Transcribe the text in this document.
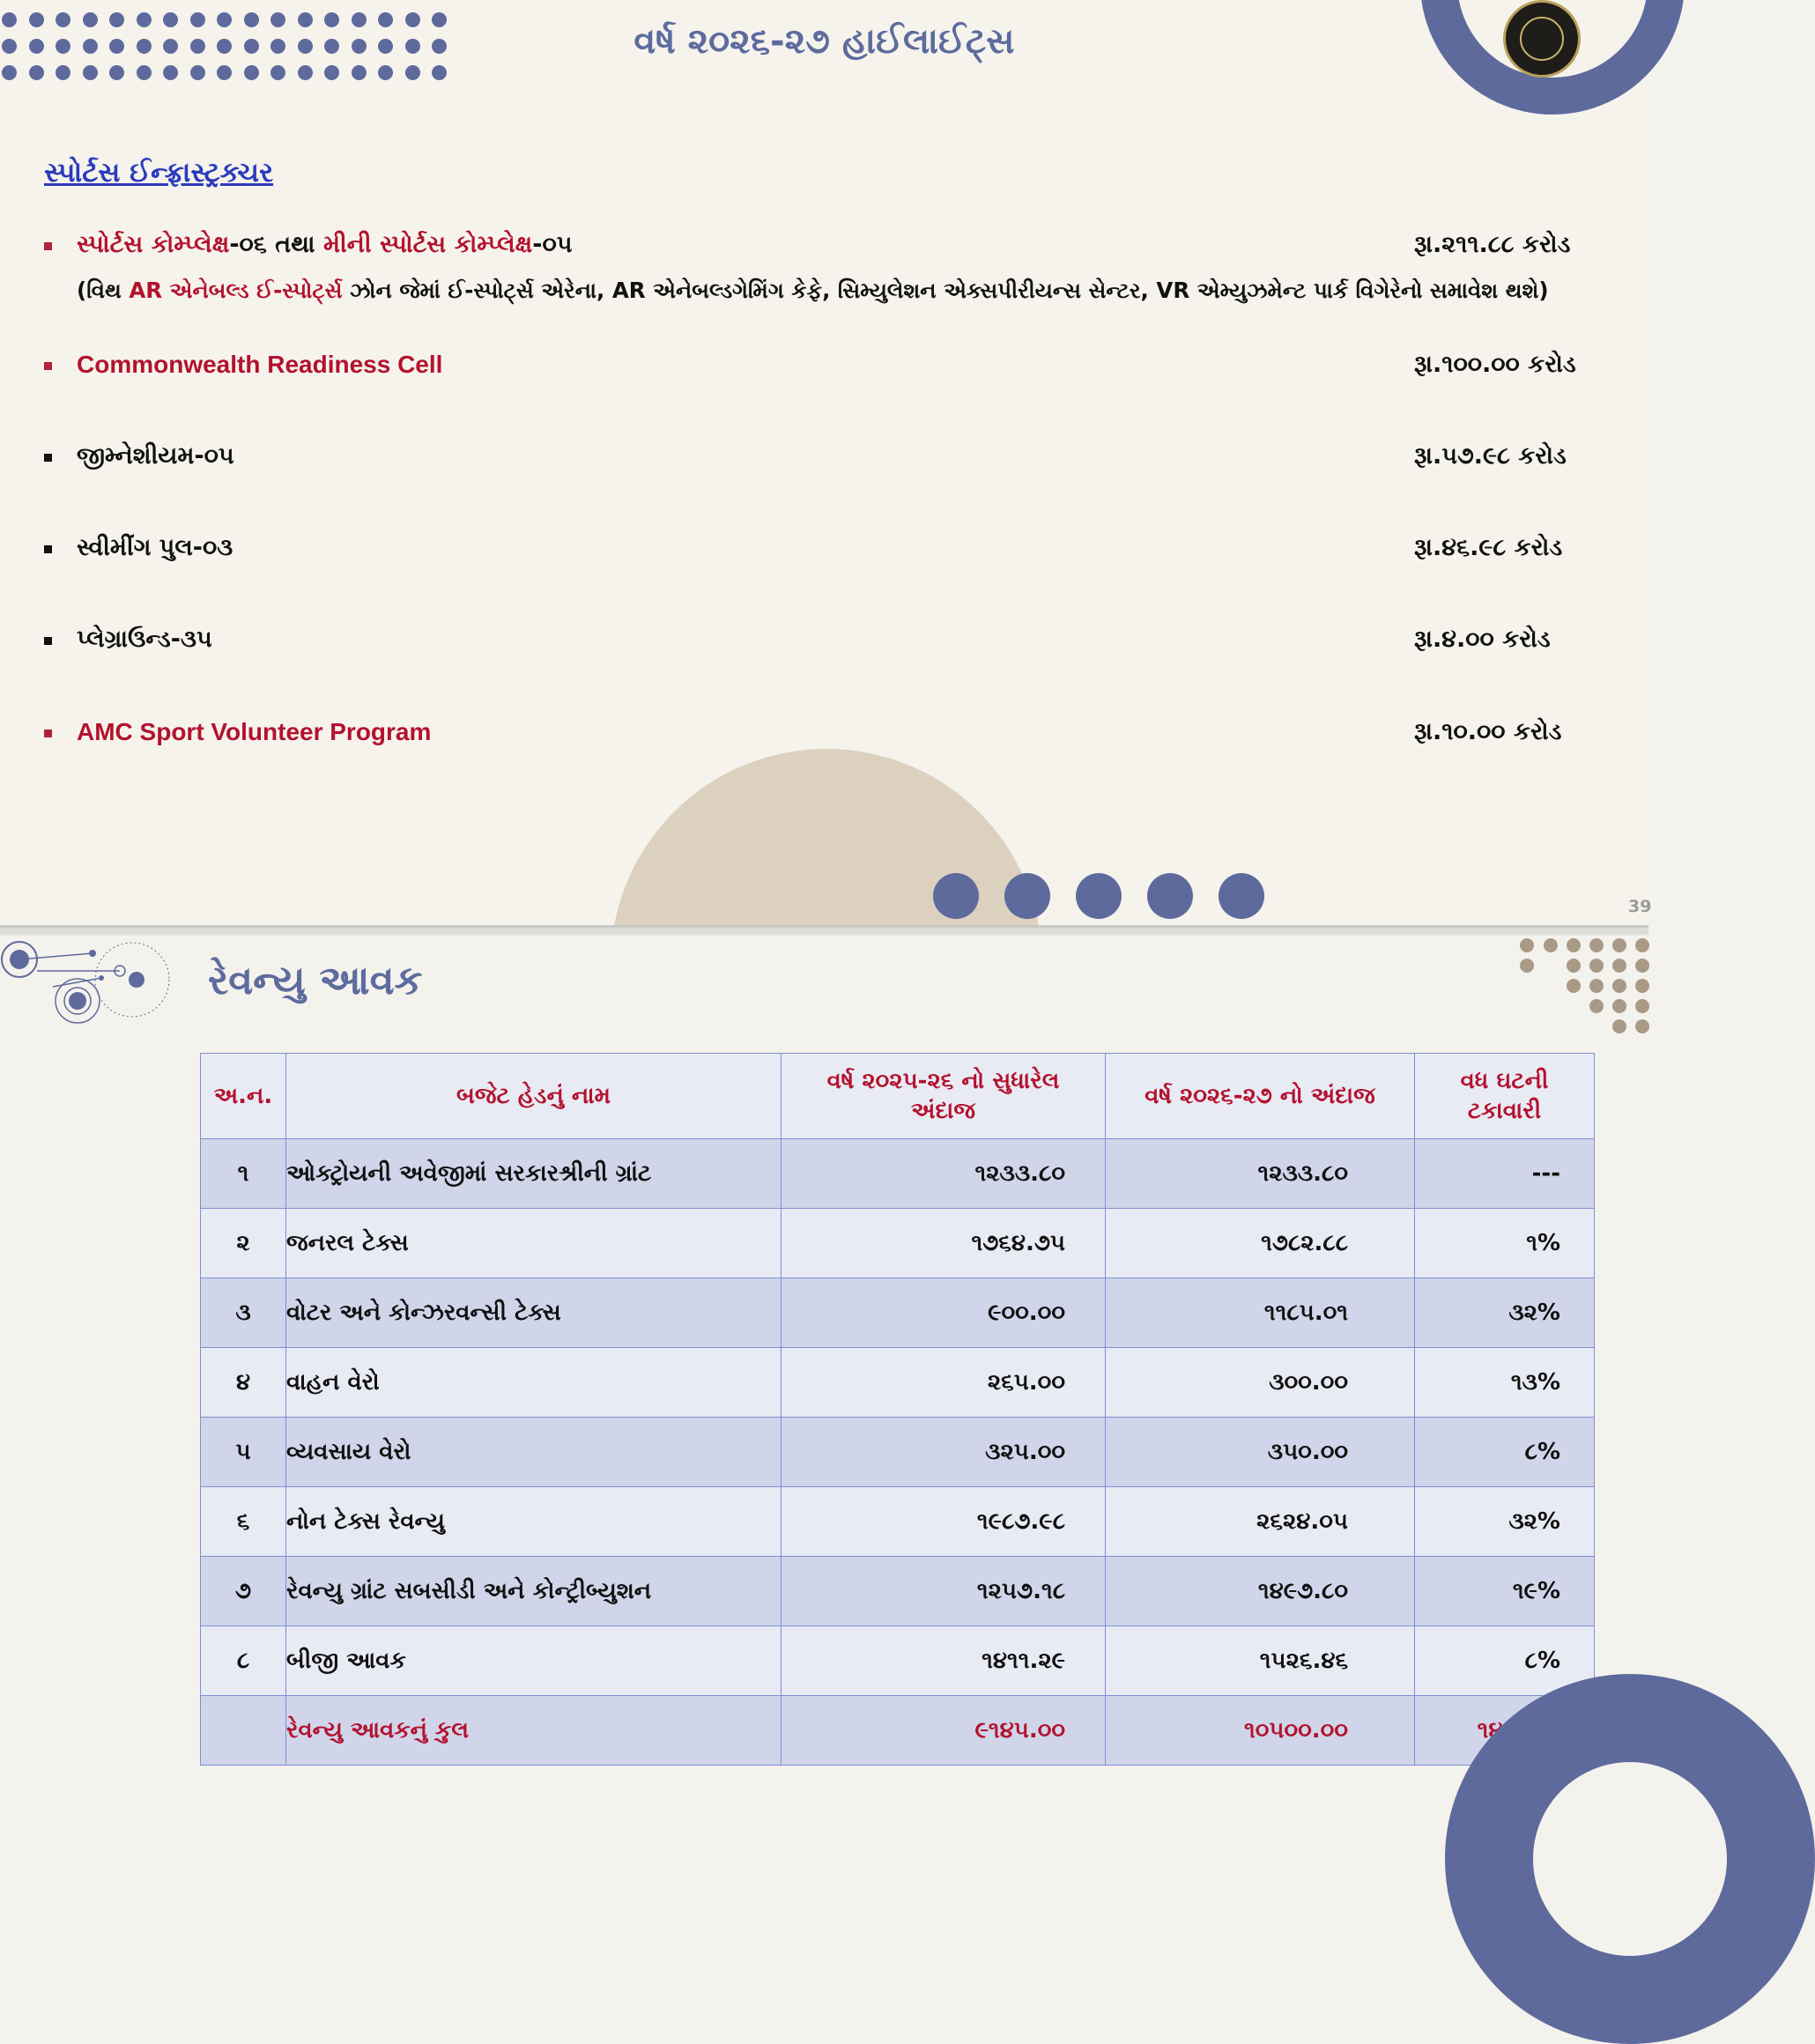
વર્ષ ૨૦૨૬-૨૭ હાઈલાઈટ્સ
સ્પોર્ટસ ઈન્ફ્રાસ્ટ્રક્ચર
સ્પોર્ટસ કોમ્પ્લેક્ષ-૦૬ તથા મીની સ્પોર્ટસ કોમ્પ્લેક્ષ-૦૫	રૂા.૨૧૧.૮૮ કરોડ
(વિથ AR એનેબલ્ડ ઈ-સ્પોર્ટ્સ ઝોન જેમાં ઈ-સ્પોર્ટ્સ એરેના, AR એનેબલ્ડગેમિંગ કેફે, સિમ્યુલેશન એક્સપીરીયન્સ સેન્ટર, VR એમ્યુઝમેન્ટ પાર્ક વિગેરેનો સમાવેશ થશે)
Commonwealth Readiness Cell	રૂા.૧૦૦.૦૦ કરોડ
જીમ્નેશીયમ-૦૫	રૂા.૫૭.૯૮ કરોડ
સ્વીમીંગ પુલ-૦૩	રૂા.૪૬.૯૮ કરોડ
પ્લેગ્રાઉન્ડ-૩૫	રૂા.૪.૦૦ કરોડ
AMC Sport Volunteer Program	રૂા.૧૦.૦૦ કરોડ
39
રેવન્યુ આવક
અ.ન.	બજેટ હેડનું નામ	વર્ષ ૨૦૨૫-૨૬ નો સુધારેલ અંદાજ	વર્ષ ૨૦૨૬-૨૭ નો અંદાજ	વધ ઘટની ટકાવારી
૧	ઓક્ટ્રોયની અવેજીમાં સરકારશ્રીની ગ્રાંટ	૧૨૩૩.૮૦	૧૨૩૩.૮૦	---
૨	જનરલ ટેક્સ	૧૭૬૪.૭૫	૧૭૮૨.૮૮	૧%
૩	વોટર અને કોન્ઝરવન્સી ટેક્સ	૯૦૦.૦૦	૧૧૮૫.૦૧	૩૨%
૪	વાહન વેરો	૨૬૫.૦૦	૩૦૦.૦૦	૧૩%
૫	વ્યવસાય વેરો	૩૨૫.૦૦	૩૫૦.૦૦	૮%
૬	નોન ટેક્સ રેવન્યુ	૧૯૮૭.૯૮	૨૬૨૪.૦૫	૩૨%
૭	રેવન્યુ ગ્રાંટ સબસીડી અને કોન્ટ્રીબ્યુશન	૧૨૫૭.૧૮	૧૪૯૭.૮૦	૧૯%
૮	બીજી આવક	૧૪૧૧.૨૯	૧૫૨૬.૪૬	૮%
	રેવન્યુ આવકનું કુલ	૯૧૪૫.૦૦	૧૦૫૦૦.૦૦	૧૪.૮૨%
